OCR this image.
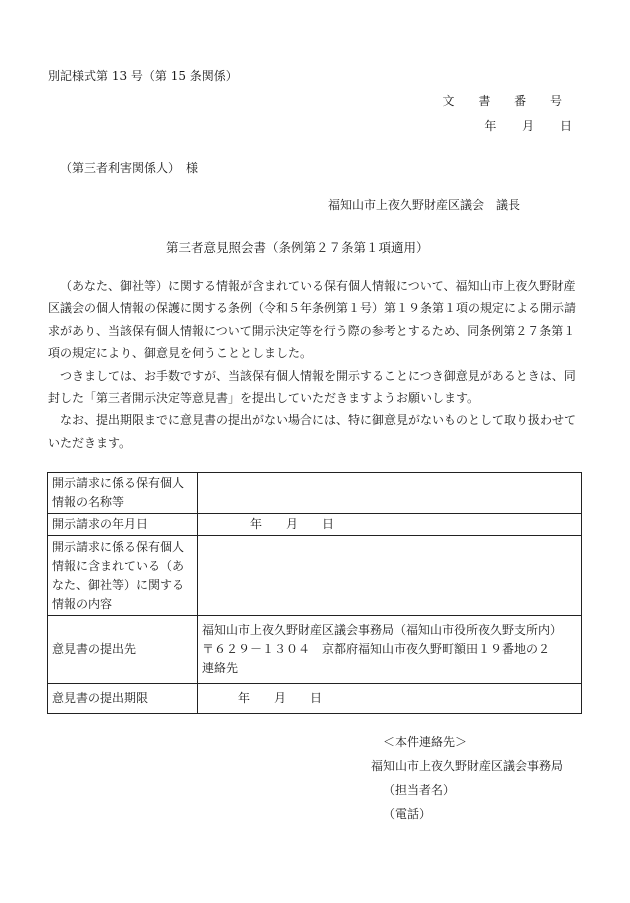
別記様式第 13 号（第 15 条関係）
文 書 番 号
年 月 日
（第三者利害関係人）　様
福知山市上夜久野財産区議会　議長
第三者意見照会書（条例第２７条第１項適用）

（あなた、御社等）に関する情報が含まれている保有個人情報について、福知山市上夜久野財産区議会の個人情報の保護に関する条例（令和５年条例第１号）第１９条第１項の規定による開示請求があり、当該保有個人情報について開示決定等を行う際の参考とするため、同条例第２７条第１項の規定により、御意見を伺うこととしました。

つきましては、お手数ですが、当該保有個人情報を開示することにつき御意見があるときは、同封した「第三者開示決定等意見書」を提出していただきますようお願いします。

なお、提出期限までに意見書の提出がない場合には、特に御意見がないものとして取り扱わせていただきます。

開示請求に係る保有個人情報の名称等	
開示請求の年月日	　　　　年　　月　　日
開示請求に係る保有個人情報に含まれている（あなた、御社等）に関する情報の内容	
意見書の提出先	福知山市上夜久野財産区議会事務局（福知山市役所夜久野支所内）
〒６２９－１３０４　京都府福知山市夜久野町額田１９番地の２
連絡先

意見書の提出期限	　　　年　　月　　日
＜本件連絡先＞
福知山市上夜久野財産区議会事務局
（担当者名）
（電話）
